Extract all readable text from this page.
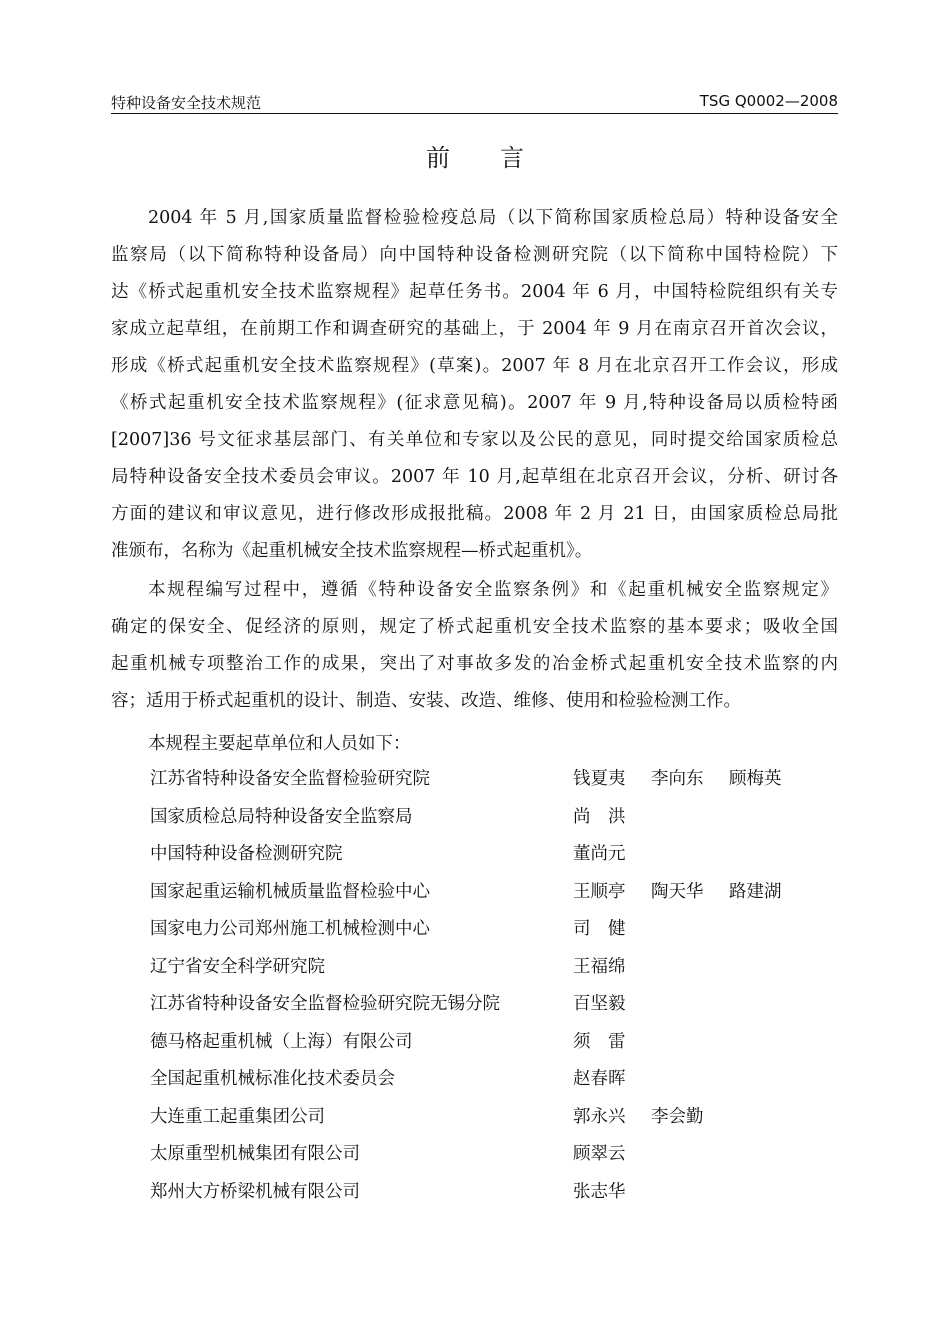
特种设备安全技术规范	TSG Q0002—2008
前言
2004 年 5 月,国家质量监督检验检疫总局（以下简称国家质检总局）特种设备安全
监察局（以下简称特种设备局）向中国特种设备检测研究院（以下简称中国特检院）下
达《桥式起重机安全技术监察规程》起草任务书。2004 年 6 月，中国特检院组织有关专
家成立起草组，在前期工作和调查研究的基础上，于 2004 年 9 月在南京召开首次会议，
形成《桥式起重机安全技术监察规程》(草案)。2007 年 8 月在北京召开工作会议，形成
《桥式起重机安全技术监察规程》(征求意见稿)。2007 年 9 月,特种设备局以质检特函
[2007]36 号文征求基层部门、有关单位和专家以及公民的意见，同时提交给国家质检总
局特种设备安全技术委员会审议。2007 年 10 月,起草组在北京召开会议，分析、研讨各
方面的建议和审议意见，进行修改形成报批稿。2008 年 2 月 21 日，由国家质检总局批
准颁布，名称为《起重机械安全技术监察规程—桥式起重机》。
本规程编写过程中，遵循《特种设备安全监察条例》和《起重机械安全监察规定》
确定的保安全、促经济的原则，规定了桥式起重机安全技术监察的基本要求；吸收全国
起重机械专项整治工作的成果，突出了对事故多发的冶金桥式起重机安全技术监察的内
容；适用于桥式起重机的设计、制造、安装、改造、维修、使用和检验检测工作。
本规程主要起草单位和人员如下：
江苏省特种设备安全监督检验研究院	钱夏夷 李向东 顾梅英
国家质检总局特种设备安全监察局	尚　洪
中国特种设备检测研究院	董尚元
国家起重运输机械质量监督检验中心	王顺亭 陶天华 路建湖
国家电力公司郑州施工机械检测中心	司　健
辽宁省安全科学研究院	王福绵
江苏省特种设备安全监督检验研究院无锡分院	百坚毅
德马格起重机械（上海）有限公司	须　雷
全国起重机械标准化技术委员会	赵春晖
大连重工起重集团公司	郭永兴 李会勤
太原重型机械集团有限公司	顾翠云
郑州大方桥梁机械有限公司	张志华
